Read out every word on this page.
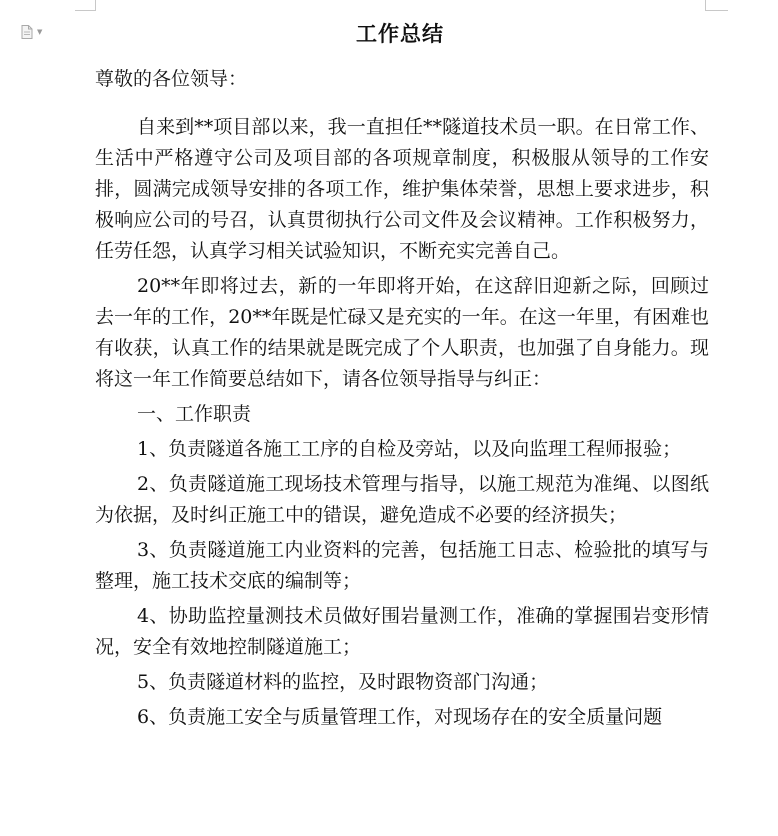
▼	工作总结

尊敬的各位领导：

自来到**项目部以来，我一直担任**隧道技术员一职。在日常工作、生活中严格遵守公司及项目部的各项规章制度，积极服从领导的工作安排，圆满完成领导安排的各项工作，维护集体荣誉，思想上要求进步，积极响应公司的号召，认真贯彻执行公司文件及会议精神。工作积极努力，任劳任怨，认真学习相关试验知识，不断充实完善自己。

20**年即将过去，新的一年即将开始，在这辞旧迎新之际，回顾过去一年的工作，20**年既是忙碌又是充实的一年。在这一年里，有困难也有收获，认真工作的结果就是既完成了个人职责，也加强了自身能力。现将这一年工作简要总结如下，请各位领导指导与纠正：

一、工作职责

1、负责隧道各施工工序的自检及旁站，以及向监理工程师报验；

2、负责隧道施工现场技术管理与指导，以施工规范为准绳、以图纸为依据，及时纠正施工中的错误，避免造成不必要的经济损失；

3、负责隧道施工内业资料的完善，包括施工日志、检验批的填写与整理，施工技术交底的编制等；

4、协助监控量测技术员做好围岩量测工作，准确的掌握围岩变形情况，安全有效地控制隧道施工；

5、负责隧道材料的监控，及时跟物资部门沟通；

6、负责施工安全与质量管理工作，对现场存在的安全质量问题
